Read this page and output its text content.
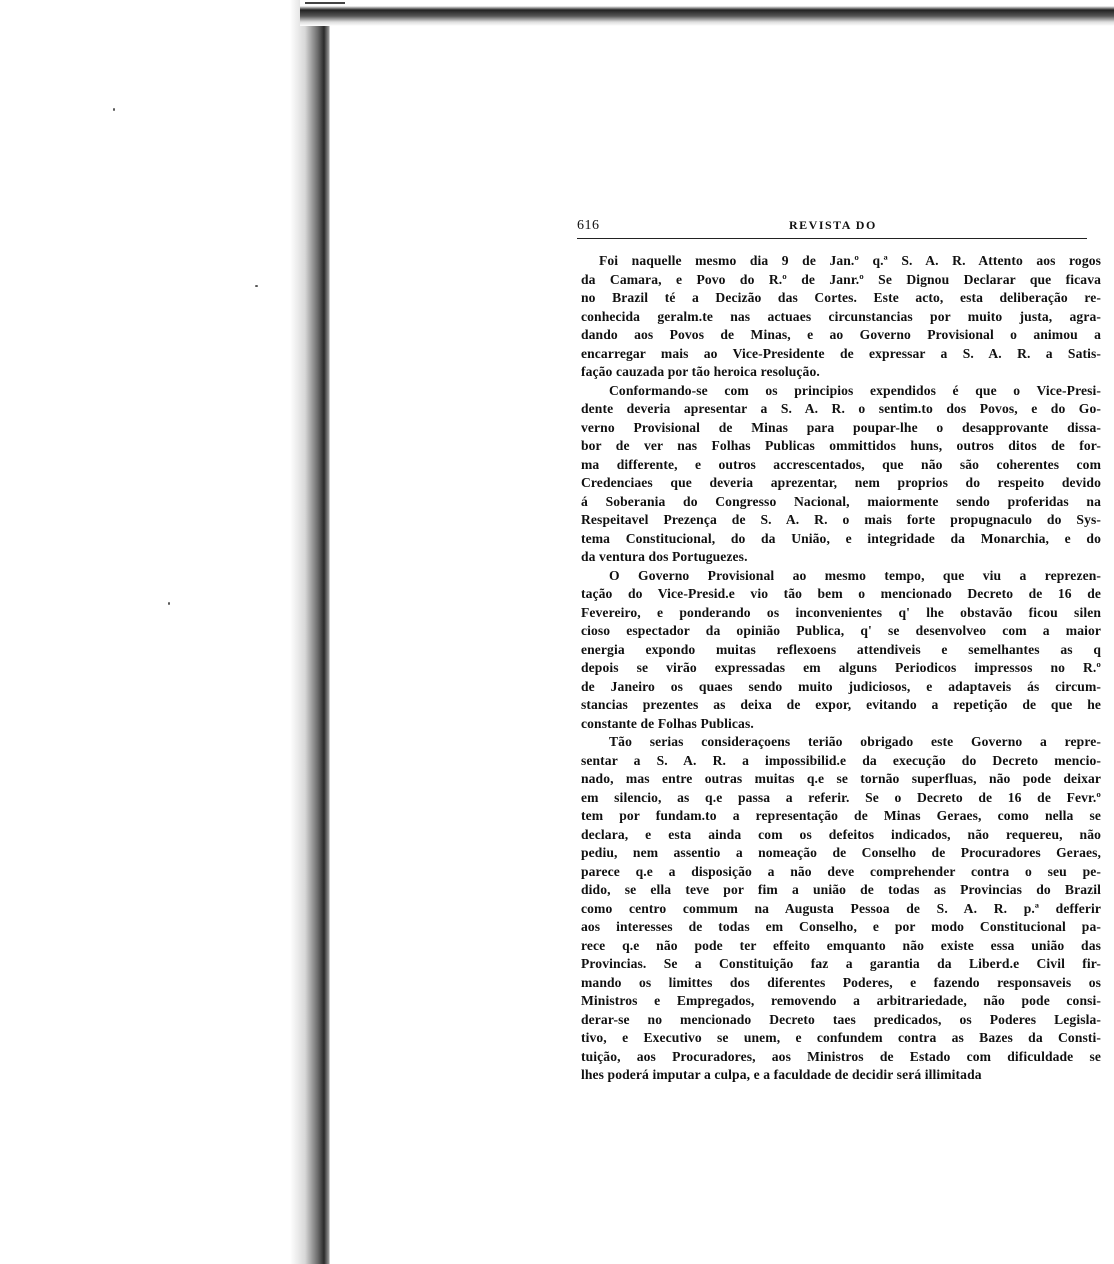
616	REVISTA DO
Foi naquelle mesmo dia 9 de Jan.º q.ª S. A. R. Attento aos rogos
da Camara, e Povo do R.º de Janr.º Se Dignou Declarar que ficava
no Brazil té a Decizão das Cortes. Este acto, esta deliberação re-
conhecida geralm.te nas actuaes circunstancias por muito justa, agra-
dando aos Povos de Minas, e ao Governo Provisional o animou a
encarregar mais ao Vice-Presidente de expressar a S. A. R. a Satis-
fação cauzada por tão heroica resolução.
Conformando-se com os principios expendidos é que o Vice-Presi-
dente deveria apresentar a S. A. R. o sentim.to dos Povos, e do Go-
verno Provisional de Minas para poupar-lhe o desapprovante dissa-
bor de ver nas Folhas Publicas ommittidos huns, outros ditos de for-
ma differente, e outros accrescentados, que não são coherentes com
Credenciaes que deveria aprezentar, nem proprios do respeito devido
á Soberania do Congresso Nacional, maiormente sendo proferidas na
Respeitavel Prezença de S. A. R. o mais forte propugnaculo do Sys-
tema Constitucional, do da União, e integridade da Monarchia, e do
da ventura dos Portuguezes.
O Governo Provisional ao mesmo tempo, que viu a reprezen-
tação do Vice-Presid.e vio tão bem o mencionado Decreto de 16 de
Fevereiro, e ponderando os inconvenientes q' lhe obstavão ficou silen
cioso espectador da opinião Publica, q' se desenvolveo com a maior
energia expondo muitas reflexoens attendiveis e semelhantes as q
depois se virão expressadas em alguns Periodicos impressos no R.º
de Janeiro os quaes sendo muito judiciosos, e adaptaveis ás circum-
stancias prezentes as deixa de expor, evitando a repetição de que he
constante de Folhas Publicas.
Tão serias consideraçoens terião obrigado este Governo a repre-
sentar a S. A. R. a impossibilid.e da execução do Decreto mencio-
nado, mas entre outras muitas q.e se tornão superfluas, não pode deixar
em silencio, as q.e passa a referir. Se o Decreto de 16 de Fevr.º
tem por fundam.to a representação de Minas Geraes, como nella se
declara, e esta ainda com os defeitos indicados, não requereu, não
pediu, nem assentio a nomeação de Conselho de Procuradores Geraes,
parece q.e a disposição a não deve comprehender contra o seu pe-
dido, se ella teve por fim a união de todas as Provincias do Brazil
como centro commum na Augusta Pessoa de S. A. R. p.ª defferir
aos interesses de todas em Conselho, e por modo Constitucional pa-
rece q.e não pode ter effeito emquanto não existe essa união das
Provincias. Se a Constituição faz a garantia da Liberd.e Civil fir-
mando os limittes dos diferentes Poderes, e fazendo responsaveis os
Ministros e Empregados, removendo a arbitrariedade, não pode consi-
derar-se no mencionado Decreto taes predicados, os Poderes Legisla-
tivo, e Executivo se unem, e confundem contra as Bazes da Consti-
tuição, aos Procuradores, aos Ministros de Estado com dificuldade se
lhes poderá imputar a culpa, e a faculdade de decidir será illimitada
